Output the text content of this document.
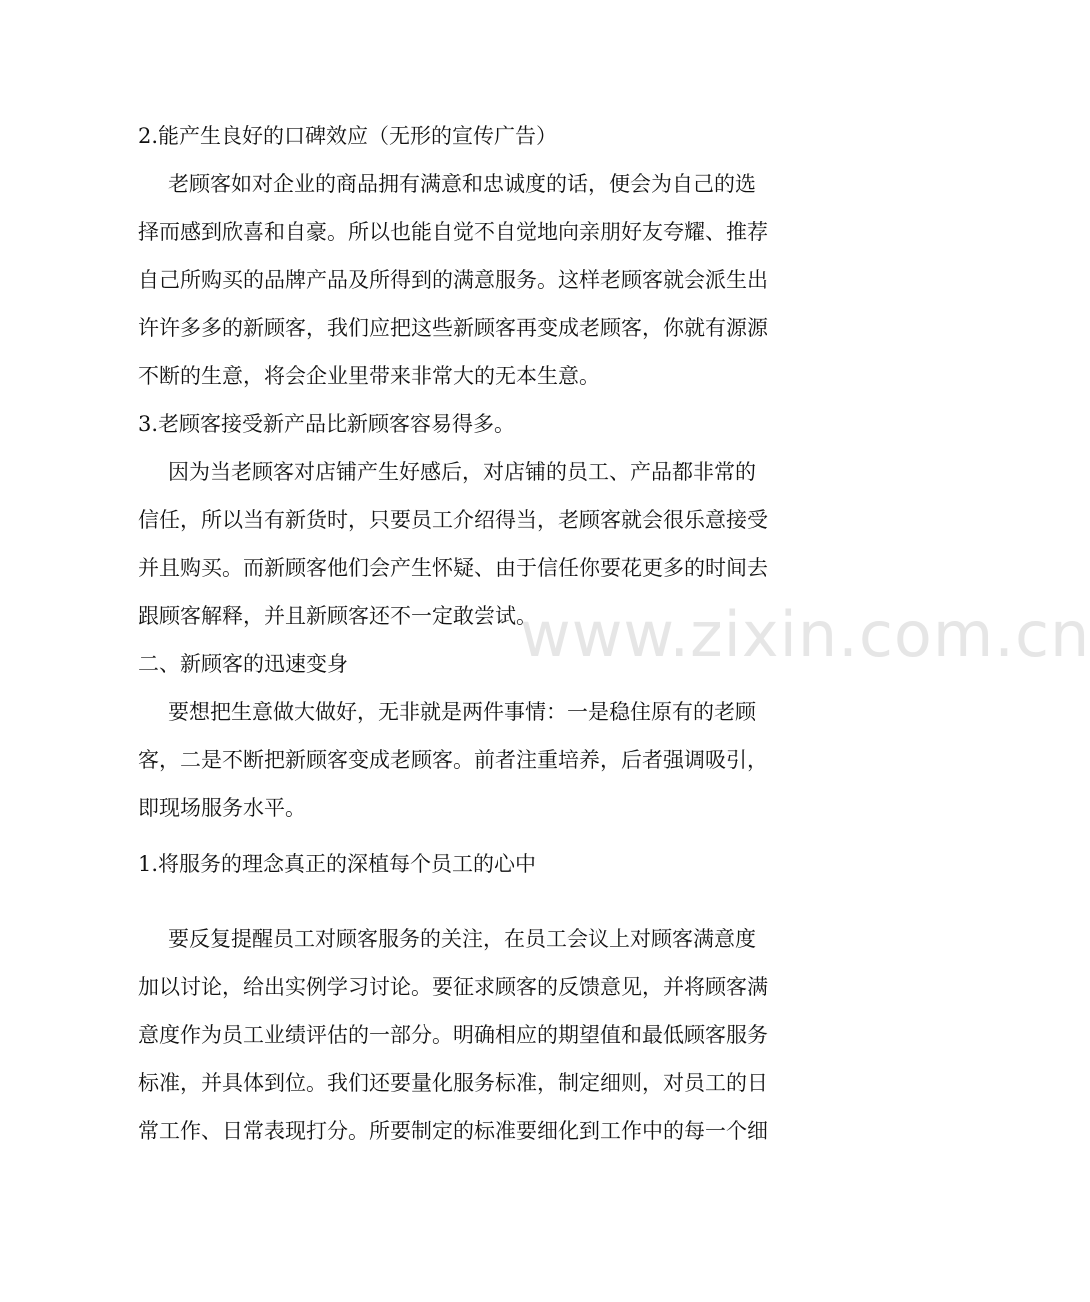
www.zixin.com.cn
2.能产生良好的口碑效应（无形的宣传广告）
老顾客如对企业的商品拥有满意和忠诚度的话，便会为自己的选
择而感到欣喜和自豪。所以也能自觉不自觉地向亲朋好友夸耀、推荐
自己所购买的品牌产品及所得到的满意服务。这样老顾客就会派生出
许许多多的新顾客，我们应把这些新顾客再变成老顾客，你就有源源
不断的生意，将会企业里带来非常大的无本生意。
3.老顾客接受新产品比新顾客容易得多。
因为当老顾客对店铺产生好感后，对店铺的员工、产品都非常的
信任，所以当有新货时，只要员工介绍得当，老顾客就会很乐意接受
并且购买。而新顾客他们会产生怀疑、由于信任你要花更多的时间去
跟顾客解释，并且新顾客还不一定敢尝试。
二、新顾客的迅速变身
要想把生意做大做好，无非就是两件事情：一是稳住原有的老顾
客，二是不断把新顾客变成老顾客。前者注重培养，后者强调吸引，
即现场服务水平。
1.将服务的理念真正的深植每个员工的心中
要反复提醒员工对顾客服务的关注，在员工会议上对顾客满意度
加以讨论，给出实例学习讨论。要征求顾客的反馈意见，并将顾客满
意度作为员工业绩评估的一部分。明确相应的期望值和最低顾客服务
标准，并具体到位。我们还要量化服务标准，制定细则，对员工的日
常工作、日常表现打分。所要制定的标准要细化到工作中的每一个细
